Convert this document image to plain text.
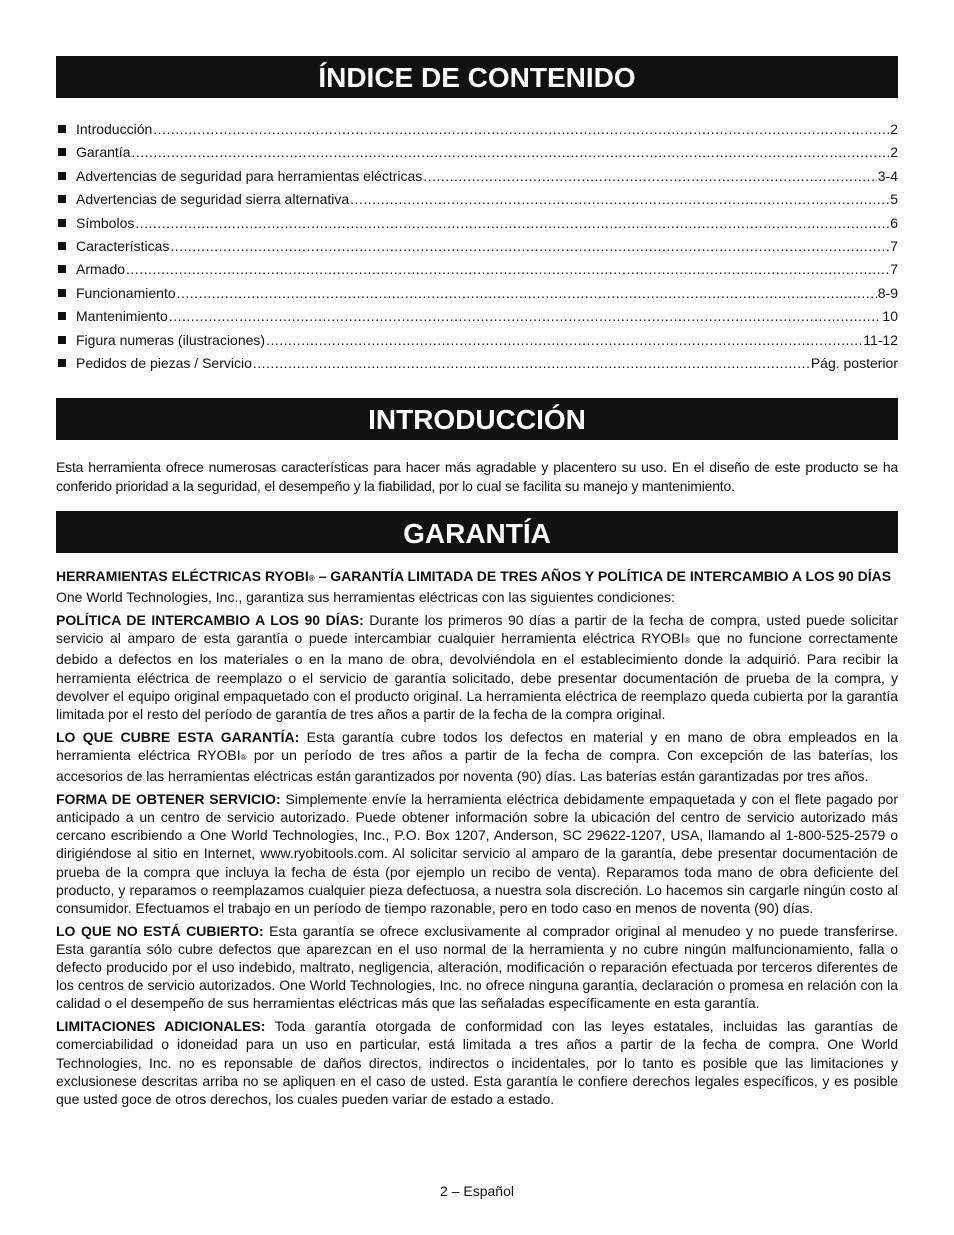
ÍNDICE DE CONTENIDO
Introducción .....	2
Garantía .....	2
Advertencias de seguridad para herramientas eléctricas .....	3-4
Advertencias de seguridad sierra alternativa .....	5
Símbolos .....	6
Características .....	7
Armado .....	7
Funcionamiento .....	8-9
Mantenimiento .....	10
Figura numeras (ilustraciones) .....	11-12
Pedidos de piezas / Servicio .....	Pág. posterior
INTRODUCCIÓN

Esta herramienta ofrece numerosas características para hacer más agradable y placentero su uso. En el diseño de este producto se ha conferido prioridad a la seguridad, el desempeño y la fiabilidad, por lo cual se facilita su manejo y mantenimiento.

GARANTÍA

HERRAMIENTAS ELÉCTRICAS RYOBI® – GARANTÍA LIMITADA DE TRES AÑOS Y POLÍTICA DE INTERCAMBIO A LOS 90 DÍAS

One World Technologies, Inc., garantiza sus herramientas eléctricas con las siguientes condiciones:

POLÍTICA DE INTERCAMBIO A LOS 90 DÍAS: Durante los primeros 90 días a partir de la fecha de compra, usted puede solicitar servicio al amparo de esta garantía o puede intercambiar cualquier herramienta eléctrica RYOBI® que no funcione correctamente debido a defectos en los materiales o en la mano de obra, devolviéndola en el establecimiento donde la adquirió. Para recibir la herramienta eléctrica de reemplazo o el servicio de garantía solicitado, debe presentar documentación de prueba de la compra, y devolver el equipo original empaquetado con el producto original. La herramienta eléctrica de reemplazo queda cubierta por la garantía limitada por el resto del período de garantía de tres años a partir de la fecha de la compra original.

LO QUE CUBRE ESTA GARANTÍA: Esta garantía cubre todos los defectos en material y en mano de obra empleados en la herramienta eléctrica RYOBI® por un período de tres años a partir de la fecha de compra. Con excepción de las baterías, los accesorios de las herramientas eléctricas están garantizados por noventa (90) días. Las baterías están garantizadas por tres años.

FORMA DE OBTENER SERVICIO: Simplemente envíe la herramienta eléctrica debidamente empaquetada y con el flete pagado por anticipado a un centro de servicio autorizado. Puede obtener información sobre la ubicación del centro de servicio autorizado más cercano escribiendo a One World Technologies, Inc., P.O. Box 1207, Anderson, SC 29622-1207, USA, llamando al 1-800-525-2579 o dirigiéndose al sitio en Internet, www.ryobitools.com. Al solicitar servicio al amparo de la garantía, debe presentar documentación de prueba de la compra que incluya la fecha de ésta (por ejemplo un recibo de venta). Reparamos toda mano de obra deficiente del producto, y reparamos o reemplazamos cualquier pieza defectuosa, a nuestra sola discreción. Lo hacemos sin cargarle ningún costo al consumidor. Efectuamos el trabajo en un período de tiempo razonable, pero en todo caso en menos de noventa (90) días.

LO QUE NO ESTÁ CUBIERTO: Esta garantía se ofrece exclusivamente al comprador original al menudeo y no puede transferirse. Esta garantía sólo cubre defectos que aparezcan en el uso normal de la herramienta y no cubre ningún malfuncionamiento, falla o defecto producido por el uso indebido, maltrato, negligencia, alteración, modificación o reparación efectuada por terceros diferentes de los centros de servicio autorizados. One World Technologies, Inc. no ofrece ninguna garantía, declaración o promesa en relación con la calidad o el desempeño de sus herramientas eléctricas más que las señaladas específicamente en esta garantía.

LIMITACIONES ADICIONALES: Toda garantía otorgada de conformidad con las leyes estatales, incluidas las garantías de comerciabilidad o idoneidad para un uso en particular, está limitada a tres años a partir de la fecha de compra. One World Technologies, Inc. no es reponsable de daños directos, indirectos o incidentales, por lo tanto es posible que las limitaciones y exclusionese descritas arriba no se apliquen en el caso de usted. Esta garantía le confiere derechos legales específicos, y es posible que usted goce de otros derechos, los cuales pueden variar de estado a estado.

2 – Español
